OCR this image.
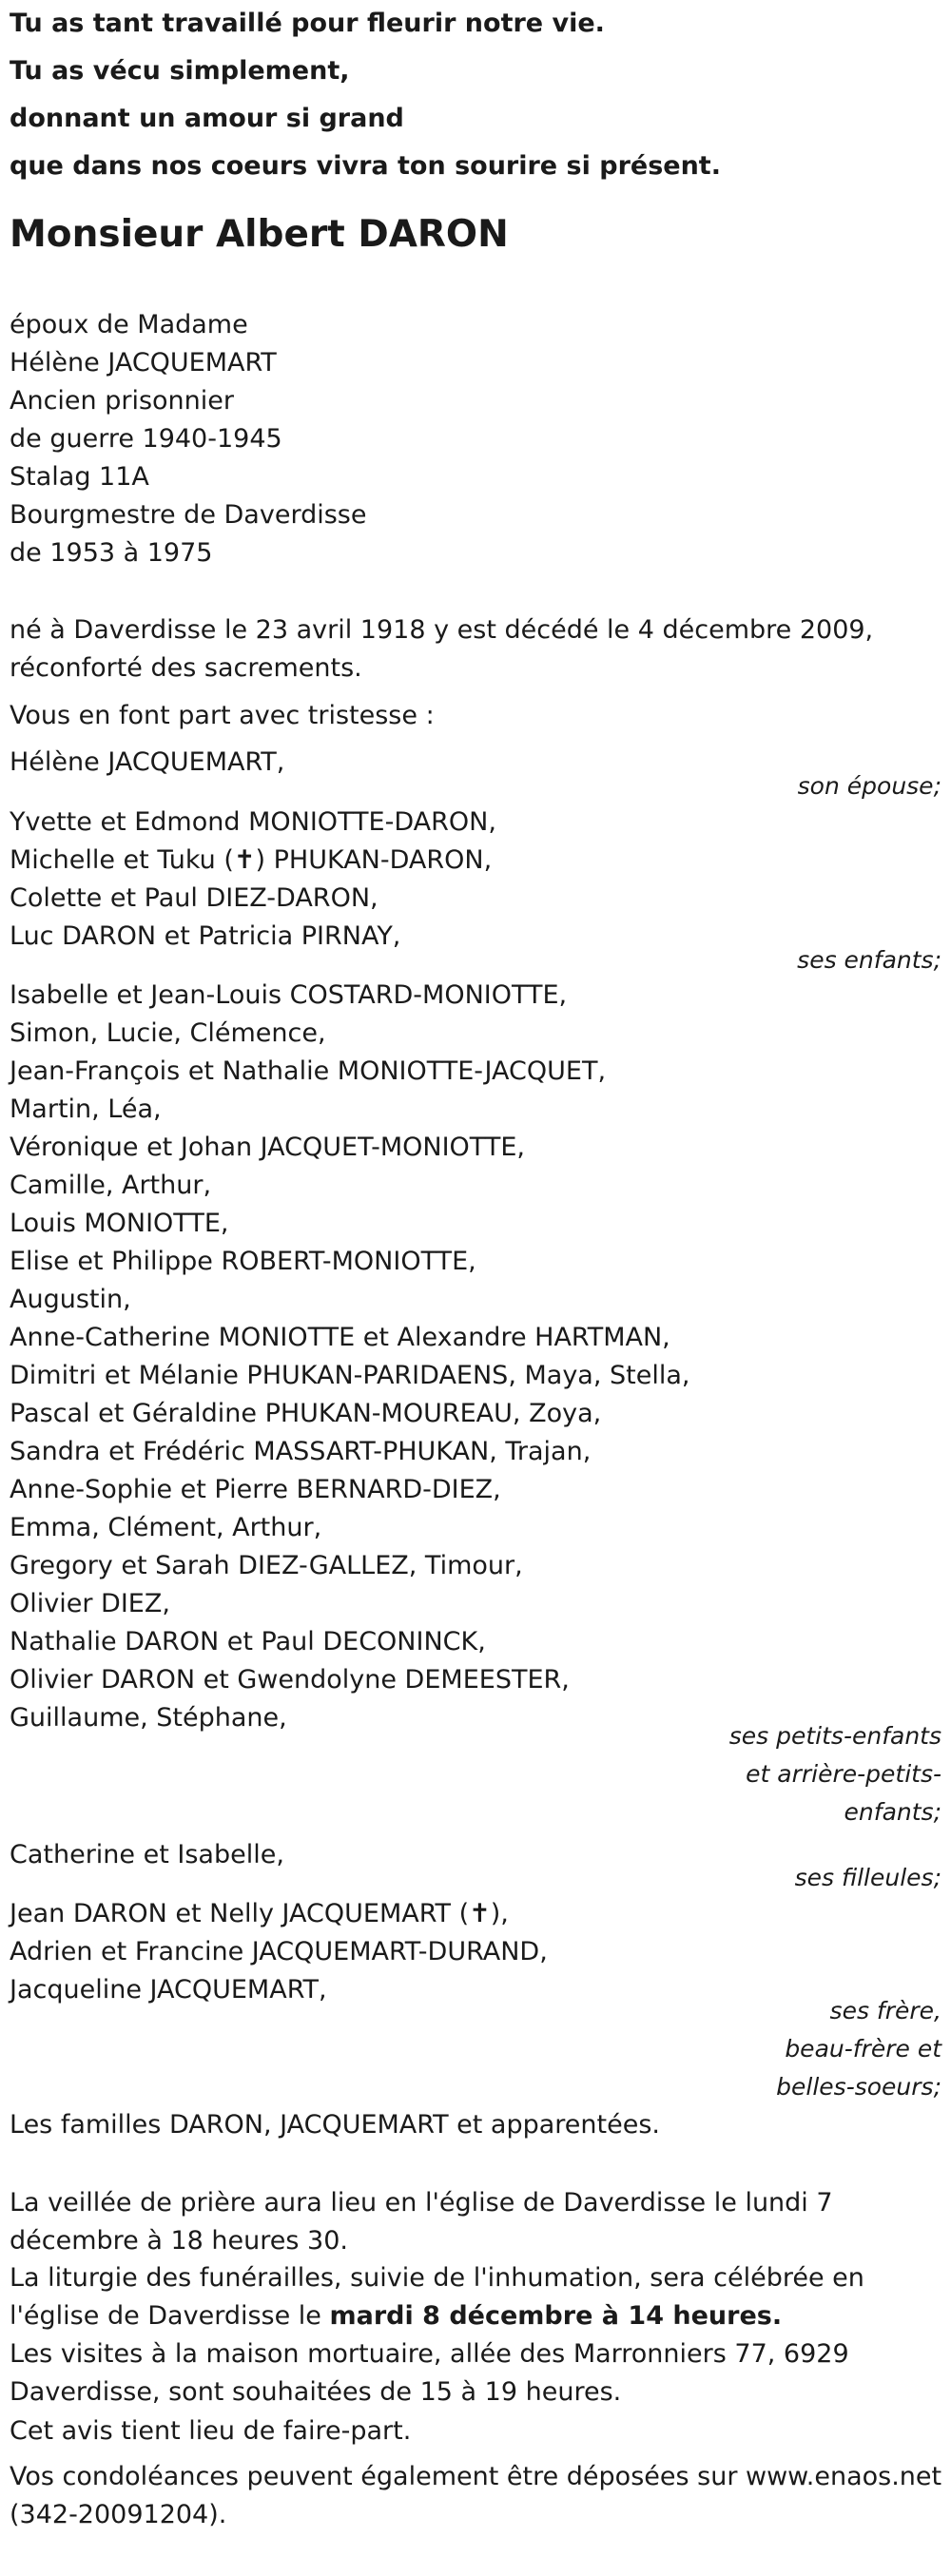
Tu as tant travaillé pour fleurir notre vie.

Tu as vécu simplement,

donnant un amour si grand

que dans nos coeurs vivra ton sourire si présent.

Monsieur Albert DARON

époux de Madame

Hélène JACQUEMART

Ancien prisonnier

de guerre 1940-1945

Stalag 11A

Bourgmestre de Daverdisse

de 1953 à 1975

né à Daverdisse le 23 avril 1918 y est décédé le 4 décembre 2009,

réconforté des sacrements.

Vous en font part avec tristesse :

Hélène JACQUEMART,

son épouse;

Yvette et Edmond MONIOTTE-DARON,

Michelle et Tuku (✝) PHUKAN-DARON,

Colette et Paul DIEZ-DARON,

Luc DARON et Patricia PIRNAY,

ses enfants;

Isabelle et Jean-Louis COSTARD-MONIOTTE,

Simon, Lucie, Clémence,

Jean-François et Nathalie MONIOTTE-JACQUET,

Martin, Léa,

Véronique et Johan JACQUET-MONIOTTE,

Camille, Arthur,

Louis MONIOTTE,

Elise et Philippe ROBERT-MONIOTTE,

Augustin,

Anne-Catherine MONIOTTE et Alexandre HARTMAN,

Dimitri et Mélanie PHUKAN-PARIDAENS, Maya, Stella,

Pascal et Géraldine PHUKAN-MOUREAU, Zoya,

Sandra et Frédéric MASSART-PHUKAN, Trajan,

Anne-Sophie et Pierre BERNARD-DIEZ,

Emma, Clément, Arthur,

Gregory et Sarah DIEZ-GALLEZ, Timour,

Olivier DIEZ,

Nathalie DARON et Paul DECONINCK,

Olivier DARON et Gwendolyne DEMEESTER,

Guillaume, Stéphane,

ses petits-enfants
et arrière-petits-
enfants;

Catherine et Isabelle,

ses filleules;

Jean DARON et Nelly JACQUEMART (✝),

Adrien et Francine JACQUEMART-DURAND,

Jacqueline JACQUEMART,

ses frère,
beau-frère et
belles-soeurs;

Les familles DARON, JACQUEMART et apparentées.

La veillée de prière aura lieu en l'église de Daverdisse le lundi 7 décembre à 18 heures 30.

La liturgie des funérailles, suivie de l'inhumation, sera célébrée en l'église de Daverdisse le mardi 8 décembre à 14 heures.

Les visites à la maison mortuaire, allée des Marronniers 77, 6929 Daverdisse, sont souhaitées de 15 à 19 heures.

Cet avis tient lieu de faire-part.

Vos condoléances peuvent également être déposées sur www.enaos.net (342-20091204).
